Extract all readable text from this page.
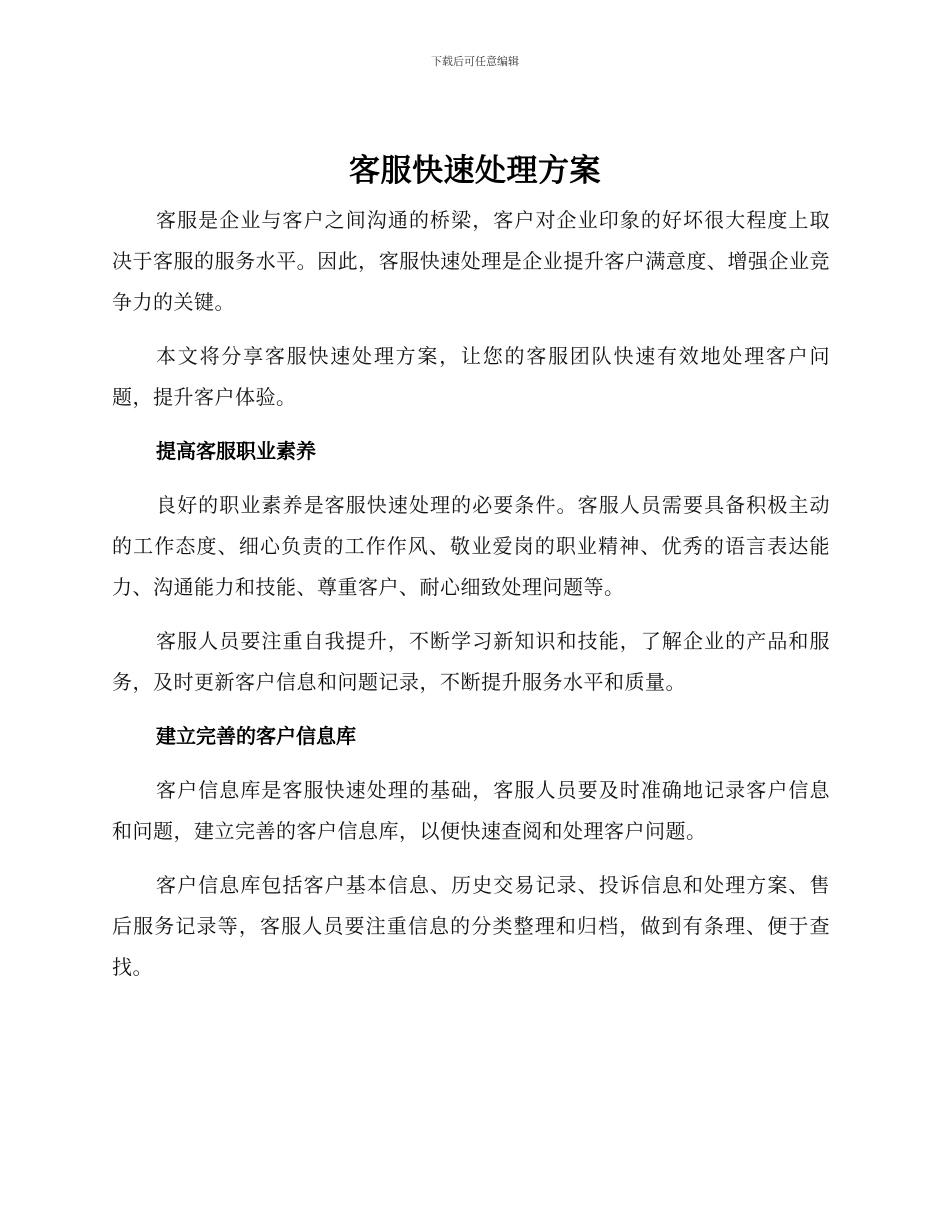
下载后可任意编辑
客服快速处理方案

客服是企业与客户之间沟通的桥梁，客户对企业印象的好坏很大程度上取决于客服的服务水平。因此，客服快速处理是企业提升客户满意度、增强企业竞争力的关键。

本文将分享客服快速处理方案，让您的客服团队快速有效地处理客户问题，提升客户体验。

提高客服职业素养

良好的职业素养是客服快速处理的必要条件。客服人员需要具备积极主动的工作态度、细心负责的工作作风、敬业爱岗的职业精神、优秀的语言表达能力、沟通能力和技能、尊重客户、耐心细致处理问题等。

客服人员要注重自我提升，不断学习新知识和技能，了解企业的产品和服务，及时更新客户信息和问题记录，不断提升服务水平和质量。

建立完善的客户信息库

客户信息库是客服快速处理的基础，客服人员要及时准确地记录客户信息和问题，建立完善的客户信息库，以便快速查阅和处理客户问题。

客户信息库包括客户基本信息、历史交易记录、投诉信息和处理方案、售后服务记录等，客服人员要注重信息的分类整理和归档，做到有条理、便于查找。
